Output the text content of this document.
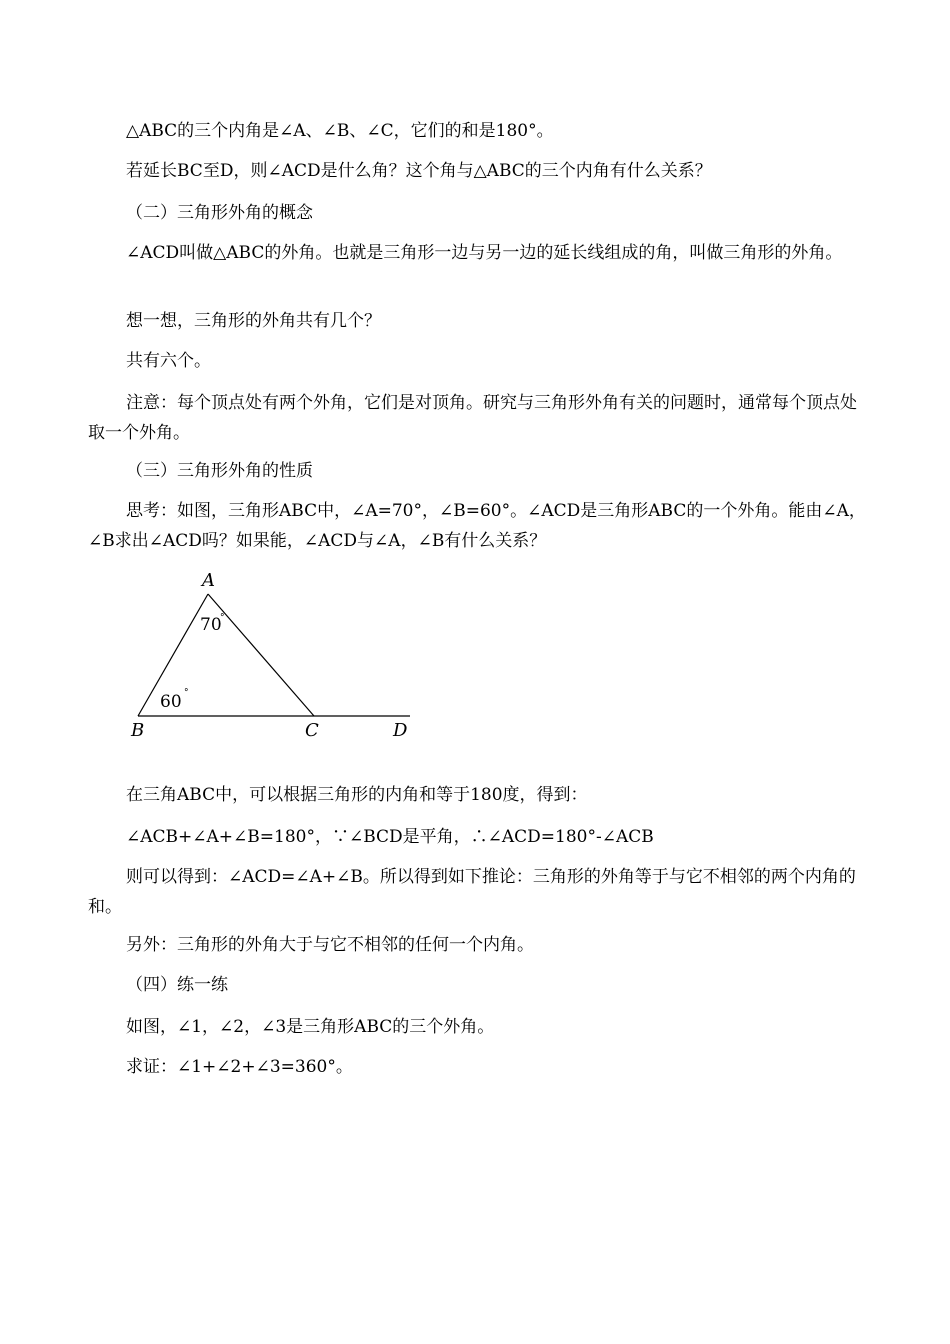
△ABC的三个内角是∠A、∠B、∠C，它们的和是180°。
若延长BC至D，则∠ACD是什么角？这个角与△ABC的三个内角有什么关系？
（二）三角形外角的概念
∠ACD叫做△ABC的外角。也就是三角形一边与另一边的延长线组成的角，叫做三角形的外角。
想一想，三角形的外角共有几个？
共有六个。
注意：每个顶点处有两个外角，它们是对顶角。研究与三角形外角有关的问题时，通常每个顶点处取一个外角。
（三）三角形外角的性质
思考：如图，三角形ABC中，∠A=70°，∠B=60°。∠ACD是三角形ABC的一个外角。能由∠A，∠B求出∠ACD吗？如果能，∠ACD与∠A，∠B有什么关系？
A
B	C	D
70
°
60 °
在三角ABC中，可以根据三角形的内角和等于180度，得到：
∠ACB+∠A+∠B=180°，∵∠BCD是平角，∴∠ACD=180°-∠ACB
则可以得到：∠ACD=∠A+∠B。所以得到如下推论：三角形的外角等于与它不相邻的两个内角的和。
另外：三角形的外角大于与它不相邻的任何一个内角。
（四）练一练
如图，∠1，∠2，∠3是三角形ABC的三个外角。
求证：∠1+∠2+∠3=360°。
